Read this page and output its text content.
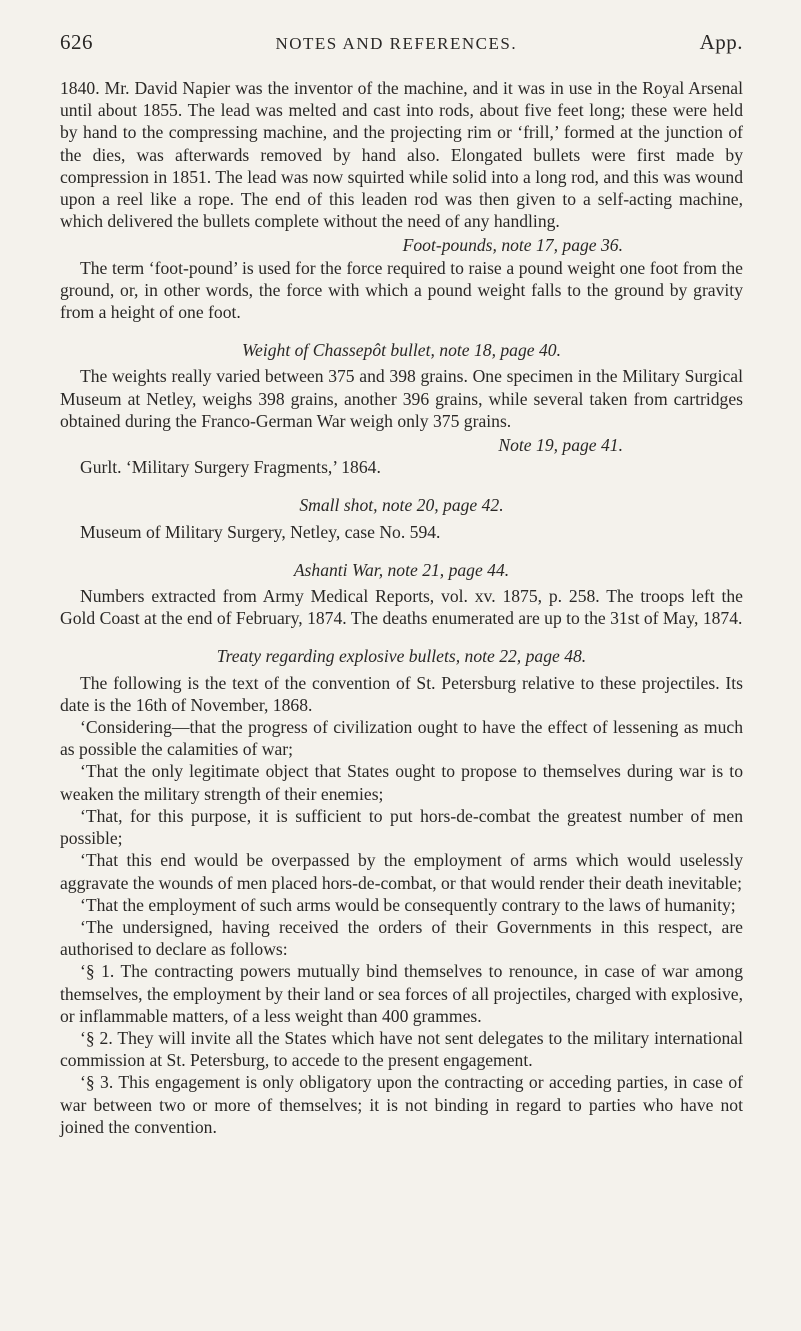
626	NOTES AND REFERENCES.	App.

1840. Mr. David Napier was the inventor of the machine, and it was in use in the Royal Arsenal until about 1855. The lead was melted and cast into rods, about five feet long; these were held by hand to the compressing machine, and the projecting rim or ‘frill,’ formed at the junction of the dies, was afterwards removed by hand also. Elongated bullets were first made by compression in 1851. The lead was now squirted while solid into a long rod, and this was wound upon a reel like a rope. The end of this leaden rod was then given to a self-acting machine, which delivered the bullets complete without the need of any handling.

Foot-pounds, note 17, page 36.

The term ‘foot-pound’ is used for the force required to raise a pound weight one foot from the ground, or, in other words, the force with which a pound weight falls to the ground by gravity from a height of one foot.

Weight of Chassepôt bullet, note 18, page 40.

The weights really varied between 375 and 398 grains. One specimen in the Military Surgical Museum at Netley, weighs 398 grains, another 396 grains, while several taken from cartridges obtained during the Franco-German War weigh only 375 grains.

Note 19, page 41.

Gurlt. ‘Military Surgery Fragments,’ 1864.

Small shot, note 20, page 42.

Museum of Military Surgery, Netley, case No. 594.

Ashanti War, note 21, page 44.

Numbers extracted from Army Medical Reports, vol. xv. 1875, p. 258. The troops left the Gold Coast at the end of February, 1874. The deaths enumerated are up to the 31st of May, 1874.

Treaty regarding explosive bullets, note 22, page 48.

The following is the text of the convention of St. Petersburg relative to these projectiles. Its date is the 16th of November, 1868.

‘Considering—that the progress of civilization ought to have the effect of lessening as much as possible the calamities of war;

‘That the only legitimate object that States ought to propose to themselves during war is to weaken the military strength of their enemies;

‘That, for this purpose, it is sufficient to put hors-de-combat the greatest number of men possible;

‘That this end would be overpassed by the employment of arms which would uselessly aggravate the wounds of men placed hors-de-combat, or that would render their death inevitable;

‘That the employment of such arms would be consequently contrary to the laws of humanity;

‘The undersigned, having received the orders of their Governments in this respect, are authorised to declare as follows:

‘§ 1. The contracting powers mutually bind themselves to renounce, in case of war among themselves, the employment by their land or sea forces of all projectiles, charged with explosive, or inflammable matters, of a less weight than 400 grammes.

‘§ 2. They will invite all the States which have not sent delegates to the military international commission at St. Petersburg, to accede to the present engagement.

‘§ 3. This engagement is only obligatory upon the contracting or acceding parties, in case of war between two or more of themselves; it is not binding in regard to parties who have not joined the convention.
